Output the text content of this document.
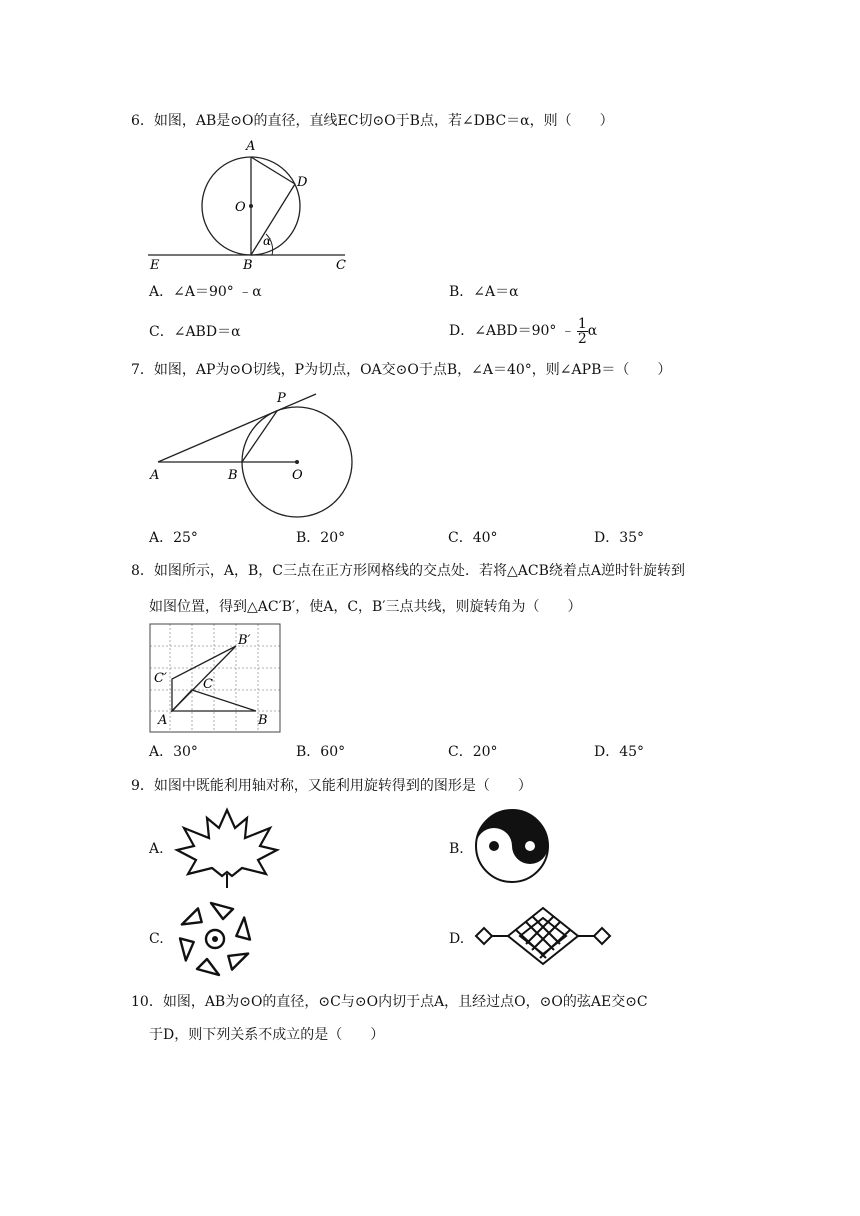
6．如图，AB是⊙O的直径，直线EC切⊙O于B点，若∠DBC＝α，则（　　）
A
D
O
α
E	B	C
A．∠A＝90° ﹣α	B．∠A＝α
C．∠ABD＝α	D．∠ABD＝90° ﹣ $\frac{1}{2}$ α
7．如图，AP为⊙O切线，P为切点，OA交⊙O于点B，∠A＝40°，则∠APB＝（　　）
P
A	B	O
A．25°	B．20°	C．40°	D．35°
8．如图所示，A，B，C三点在正方形网格线的交点处．若将△ACB绕着点A逆时针旋转到
如图位置，得到△AC′B′，使A，C，B′三点共线，则旋转角为（　　）
B′
C′	C
A	B
A．30°	B．60°	C．20°	D．45°
9．如图中既能利用轴对称，又能利用旋转得到的图形是（　　）
A.	B.
C.	D.
10．如图，AB为⊙O的直径，⊙C与⊙O内切于点A，且经过点O，⊙O的弦AE交⊙C
于D，则下列关系不成立的是（　　）
